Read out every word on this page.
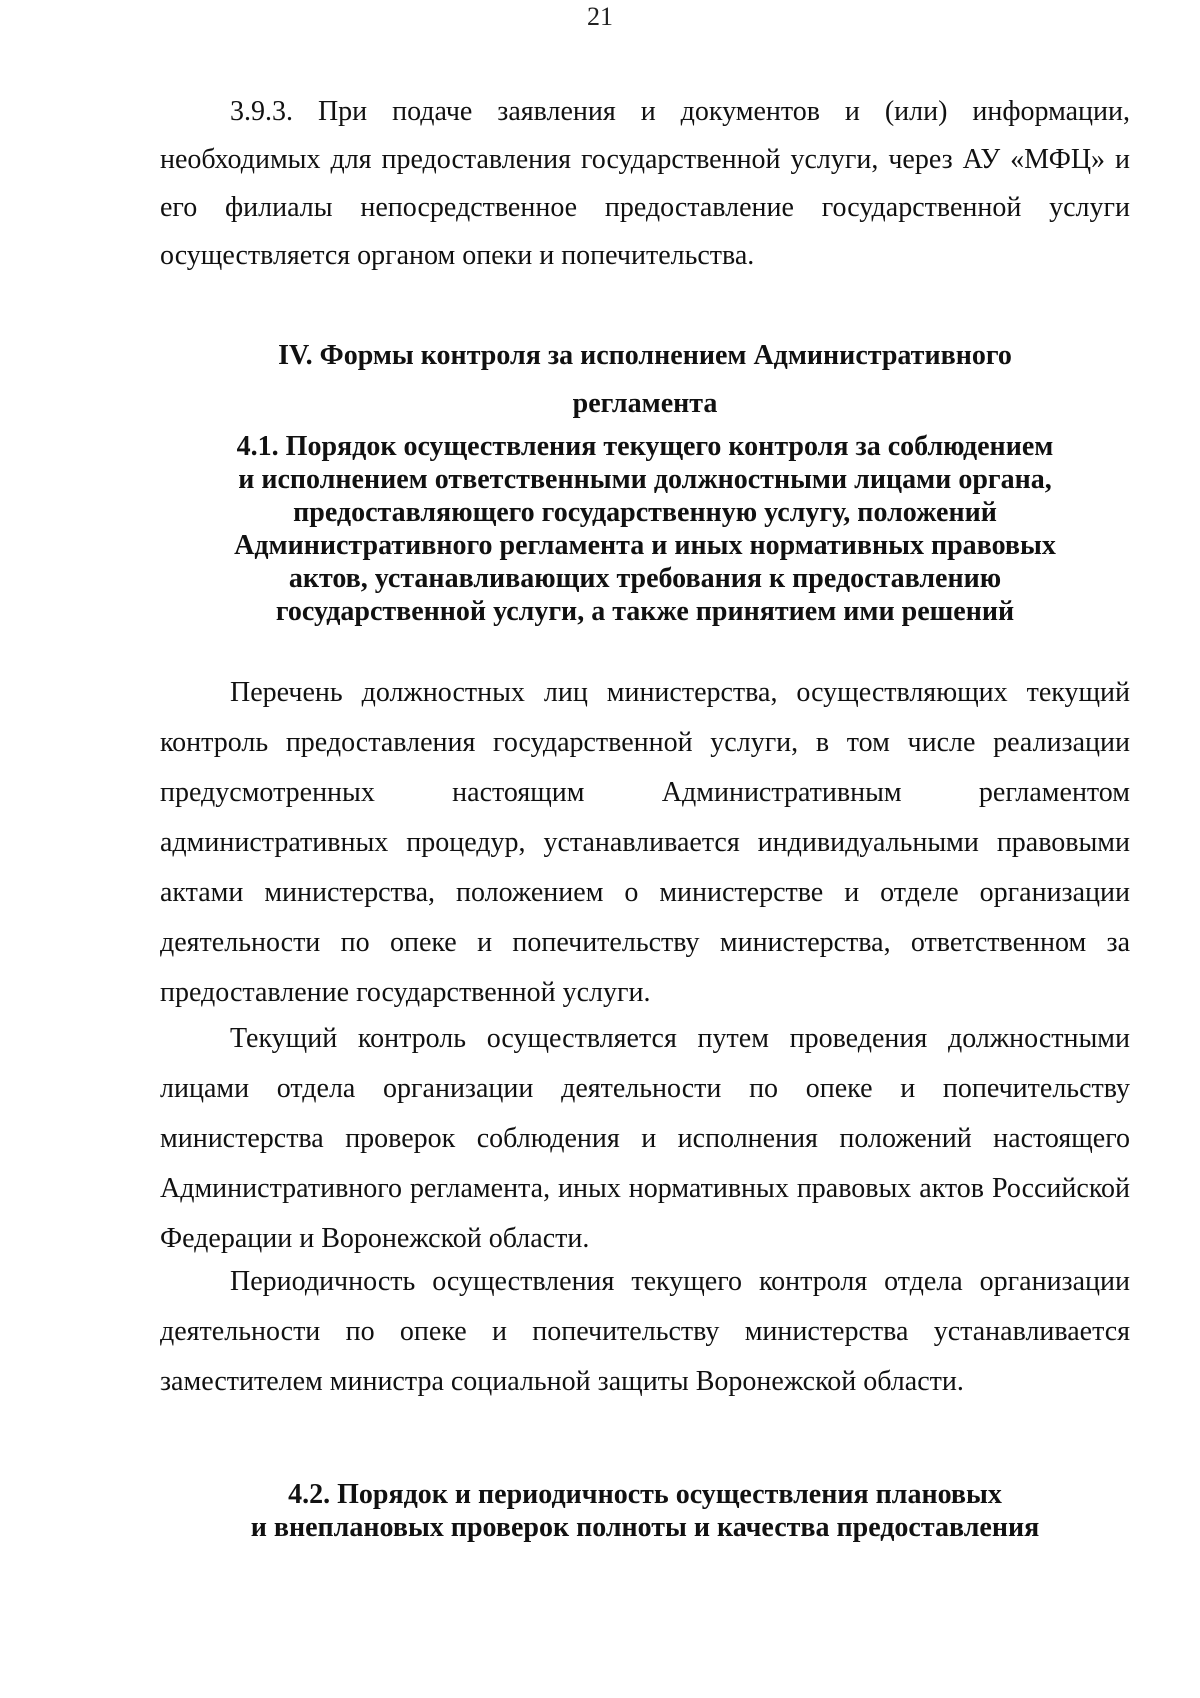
21

3.9.3. При подаче заявления и документов и (или) информации, необходимых для предоставления государственной услуги, через АУ «МФЦ» и его филиалы непосредственное предоставление государственной услуги осуществляется органом опеки и попечительства.

IV. Формы контроля за исполнением Административного
регламента
4.1. Порядок осуществления текущего контроля за соблюдением
и исполнением ответственными должностными лицами органа,
предоставляющего государственную услугу, положений
Административного регламента и иных нормативных правовых
актов, устанавливающих требования к предоставлению
государственной услуги, а также принятием ими решений

Перечень должностных лиц министерства, осуществляющих текущий контроль предоставления государственной услуги, в том числе реализации предусмотренных настоящим Административным регламентом административных процедур, устанавливается индивидуальными правовыми актами министерства, положением о министерстве и отделе организации деятельности по опеке и попечительству министерства, ответственном за предоставление государственной услуги.

Текущий контроль осуществляется путем проведения должностными лицами отдела организации деятельности по опеке и попечительству министерства проверок соблюдения и исполнения положений настоящего Административного регламента, иных нормативных правовых актов Российской Федерации и Воронежской области.

Периодичность осуществления текущего контроля отдела организации деятельности по опеке и попечительству министерства устанавливается заместителем министра социальной защиты Воронежской области.

4.2. Порядок и периодичность осуществления плановых
и внеплановых проверок полноты и качества предоставления
